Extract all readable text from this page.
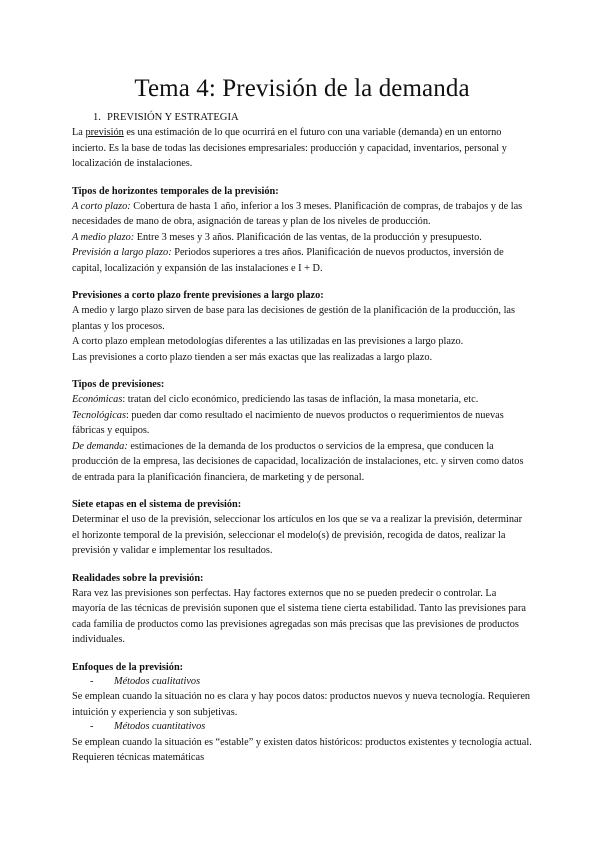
Tema 4: Previsión de la demanda
1. PREVISIÓN Y ESTRATEGIA

La previsión es una estimación de lo que ocurrirá en el futuro con una variable (demanda) en un entorno incierto. Es la base de todas las decisiones empresariales: producción y capacidad, inventarios, personal y localización de instalaciones.

Tipos de horizontes temporales de la previsión:

A corto plazo: Cobertura de hasta 1 año, inferior a los 3 meses. Planificación de compras, de trabajos y de las necesidades de mano de obra, asignación de tareas y plan de los niveles de producción.

A medio plazo: Entre 3 meses y 3 años. Planificación de las ventas, de la producción y presupuesto.

Previsión a largo plazo: Periodos superiores a tres años. Planificación de nuevos productos, inversión de capital, localización y expansión de las instalaciones e I + D.

Previsiones a corto plazo frente previsiones a largo plazo:

A medio y largo plazo sirven de base para las decisiones de gestión de la planificación de la producción, las plantas y los procesos.

A corto plazo emplean metodologías diferentes a las utilizadas en las previsiones a largo plazo.

Las previsiones a corto plazo tienden a ser más exactas que las realizadas a largo plazo.

Tipos de previsiones:

Económicas: tratan del ciclo económico, prediciendo las tasas de inflación, la masa monetaria, etc.

Tecnológicas: pueden dar como resultado el nacimiento de nuevos productos o requerimientos de nuevas fábricas y equipos.

De demanda: estimaciones de la demanda de los productos o servicios de la empresa, que conducen la producción de la empresa, las decisiones de capacidad, localización de instalaciones, etc. y sirven como datos de entrada para la planificación financiera, de marketing y de personal.

Siete etapas en el sistema de previsión:

Determinar el uso de la previsión, seleccionar los artículos en los que se va a realizar la previsión, determinar el horizonte temporal de la previsión, seleccionar el modelo(s) de previsión, recogida de datos, realizar la previsión y validar e implementar los resultados.

Realidades sobre la previsión:

Rara vez las previsiones son perfectas. Hay factores externos que no se pueden predecir o controlar. La mayoría de las técnicas de previsión suponen que el sistema tiene cierta estabilidad. Tanto las previsiones para cada familia de productos como las previsiones agregadas son más precisas que las previsiones de productos individuales.

Enfoques de la previsión:

- Métodos cualitativos

Se emplean cuando la situación no es clara y hay pocos datos: productos nuevos y nueva tecnología. Requieren intuición y experiencia y son subjetivas.

- Métodos cuantitativos

Se emplean cuando la situación es “estable” y existen datos históricos: productos existentes y tecnología actual. Requieren técnicas matemáticas
